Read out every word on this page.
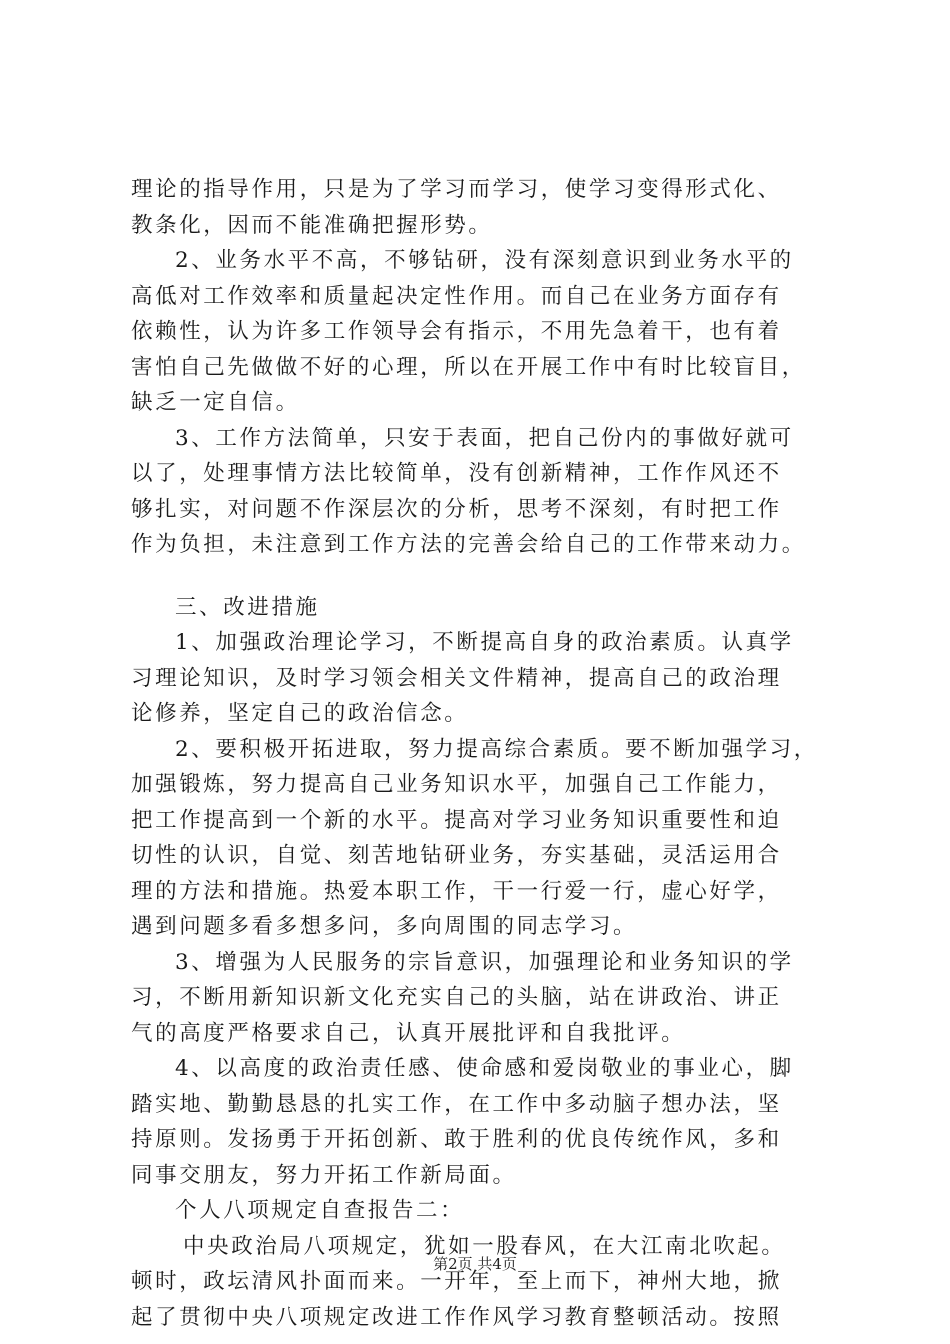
理论的指导作用，只是为了学习而学习，使学习变得形式化、
教条化，因而不能准确把握形势。
2、业务水平不高，不够钻研，没有深刻意识到业务水平的
高低对工作效率和质量起决定性作用。而自己在业务方面存有
依赖性，认为许多工作领导会有指示，不用先急着干，也有着
害怕自己先做做不好的心理，所以在开展工作中有时比较盲目，
缺乏一定自信。
3、工作方法简单，只安于表面，把自己份内的事做好就可
以了，处理事情方法比较简单，没有创新精神，工作作风还不
够扎实，对问题不作深层次的分析，思考不深刻，有时把工作
作为负担，未注意到工作方法的完善会给自己的工作带来动力。
三、改进措施
1、加强政治理论学习，不断提高自身的政治素质。认真学
习理论知识，及时学习领会相关文件精神，提高自己的政治理
论修养，坚定自己的政治信念。
2、要积极开拓进取，努力提高综合素质。要不断加强学习，
加强锻炼，努力提高自己业务知识水平，加强自己工作能力，
把工作提高到一个新的水平。提高对学习业务知识重要性和迫
切性的认识，自觉、刻苦地钻研业务，夯实基础，灵活运用合
理的方法和措施。热爱本职工作，干一行爱一行，虚心好学，
遇到问题多看多想多问，多向周围的同志学习。
3、增强为人民服务的宗旨意识，加强理论和业务知识的学
习，不断用新知识新文化充实自己的头脑，站在讲政治、讲正
气的高度严格要求自己，认真开展批评和自我批评。
4、以高度的政治责任感、使命感和爱岗敬业的事业心，脚
踏实地、勤勤恳恳的扎实工作，在工作中多动脑子想办法，坚
持原则。发扬勇于开拓创新、敢于胜利的优良传统作风，多和
同事交朋友，努力开拓工作新局面。
个人八项规定自查报告二：
中央政治局八项规定，犹如一股春风，在大江南北吹起。
顿时，政坛清风扑面而来。一开年，至上而下，神州大地，掀
起了贯彻中央八项规定改进工作作风学习教育整顿活动。按照
第2页 共4页
